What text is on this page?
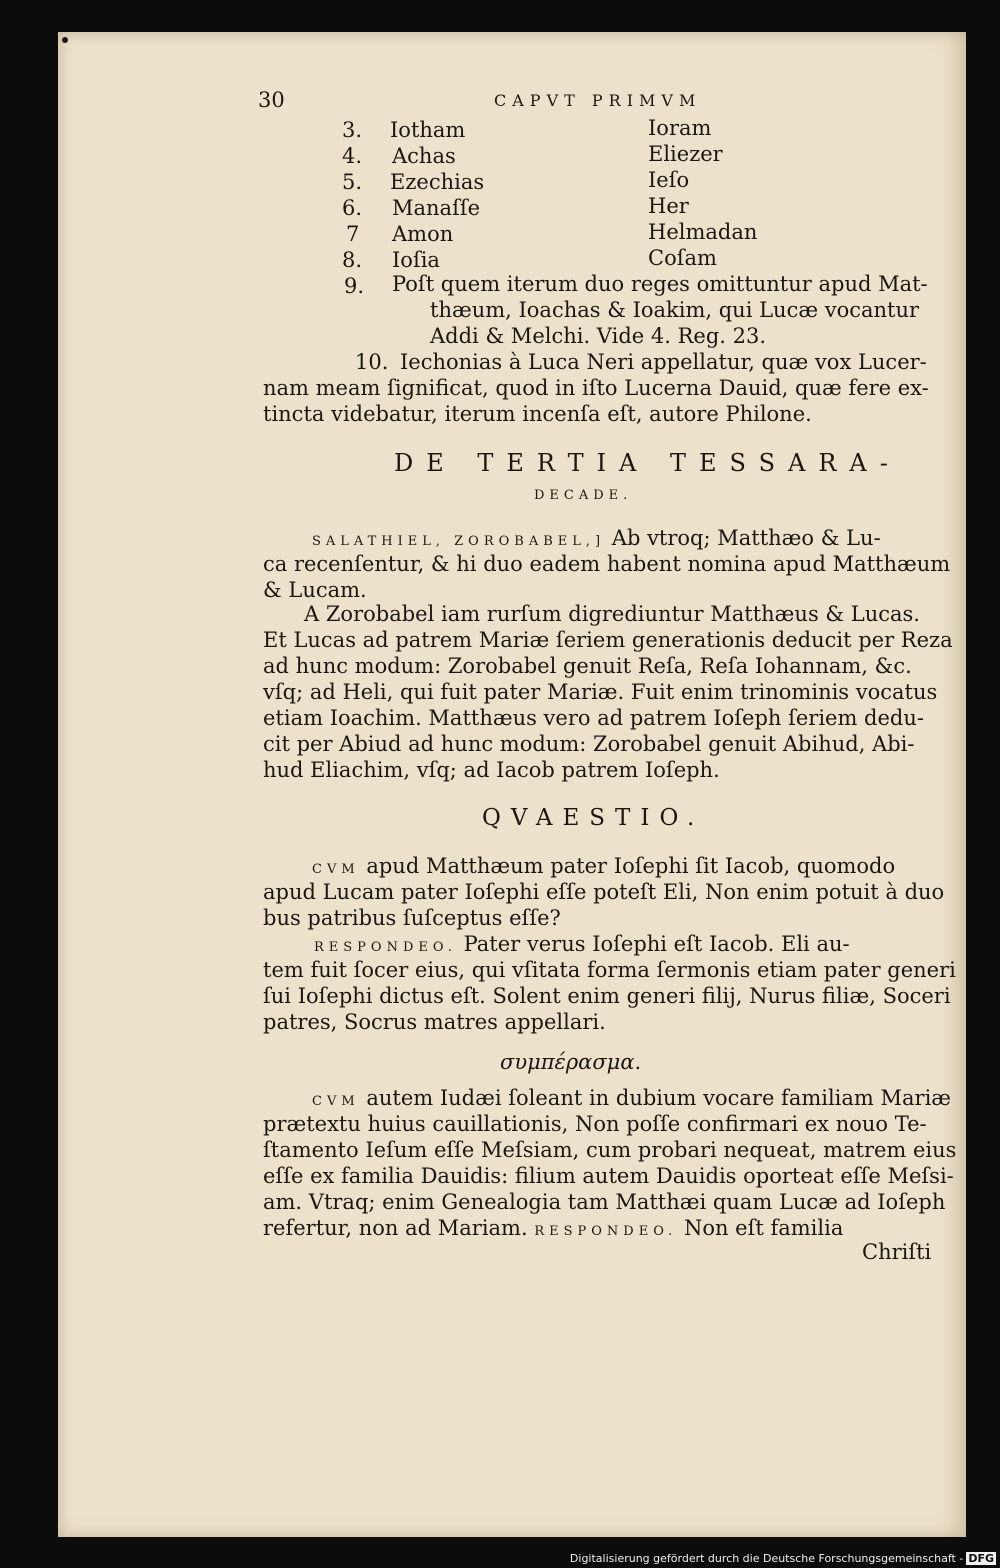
30	CAPVT PRIMVM
3. Iotham	Ioram
4. Achas	Eliezer
5. Ezechias	Ieſo
6. Manaſſe	Her
7 Amon	Helmadan
8. Ioſia	Coſam
9. Poſt quem iterum duo reges omittuntur apud Mat-
thæum, Ioachas & Ioakim, qui Lucæ vocantur
Addi & Melchi. Vide 4. Reg. 23.
10. Iechonias à Luca Neri appellatur, quæ vox Lucer-
nam meam ſignificat, quod in iſto Lucerna Dauid, quæ fere ex-
tincta videbatur, iterum incenſa eſt, autore Philone.
DE TERTIA TESSARA-
DECADE.
SALATHIEL, ZOROBABEL,] Ab vtroq; Matthæo & Lu-
ca recenſentur, & hi duo eadem habent nomina apud Matthæum
& Lucam.
A Zorobabel iam rurſum digrediuntur Matthæus & Lucas.
Et Lucas ad patrem Mariæ ſeriem generationis deducit per Reza
ad hunc modum: Zorobabel genuit Reſa, Reſa Iohannam, &c.
vſq; ad Heli, qui fuit pater Mariæ. Fuit enim trinominis vocatus
etiam Ioachim. Matthæus vero ad patrem Ioſeph ſeriem dedu-
cit per Abiud ad hunc modum: Zorobabel genuit Abihud, Abi-
hud Eliachim, vſq; ad Iacob patrem Ioſeph.
QVAESTIO.
CVM apud Matthæum pater Ioſephi ſit Iacob, quomodo
apud Lucam pater Ioſephi eſſe poteſt Eli, Non enim potuit à duo
bus patribus ſuſceptus eſſe?
RESPONDEO. Pater verus Ioſephi eſt Iacob. Eli au-
tem fuit ſocer eius, qui vſitata forma ſermonis etiam pater generi
ſui Ioſephi dictus eſt. Solent enim generi filij, Nurus filiæ, Soceri
patres, Socrus matres appellari.
συμπέρασμα.
CVM autem Iudæi ſoleant in dubium vocare familiam Mariæ
prætextu huius cauillationis, Non poſſe confirmari ex nouo Te-
ſtamento Ieſum eſſe Meſsiam, cum probari nequeat, matrem eius
eſſe ex familia Dauidis: filium autem Dauidis oporteat eſſe Meſsi-
am. Vtraq; enim Genealogia tam Matthæi quam Lucæ ad Ioſeph
refertur, non ad Mariam. RESPONDEO. Non eſt familia
Chriſti
Digitalisierung gefördert durch die Deutsche Forschungsgemeinschaft - DFG
